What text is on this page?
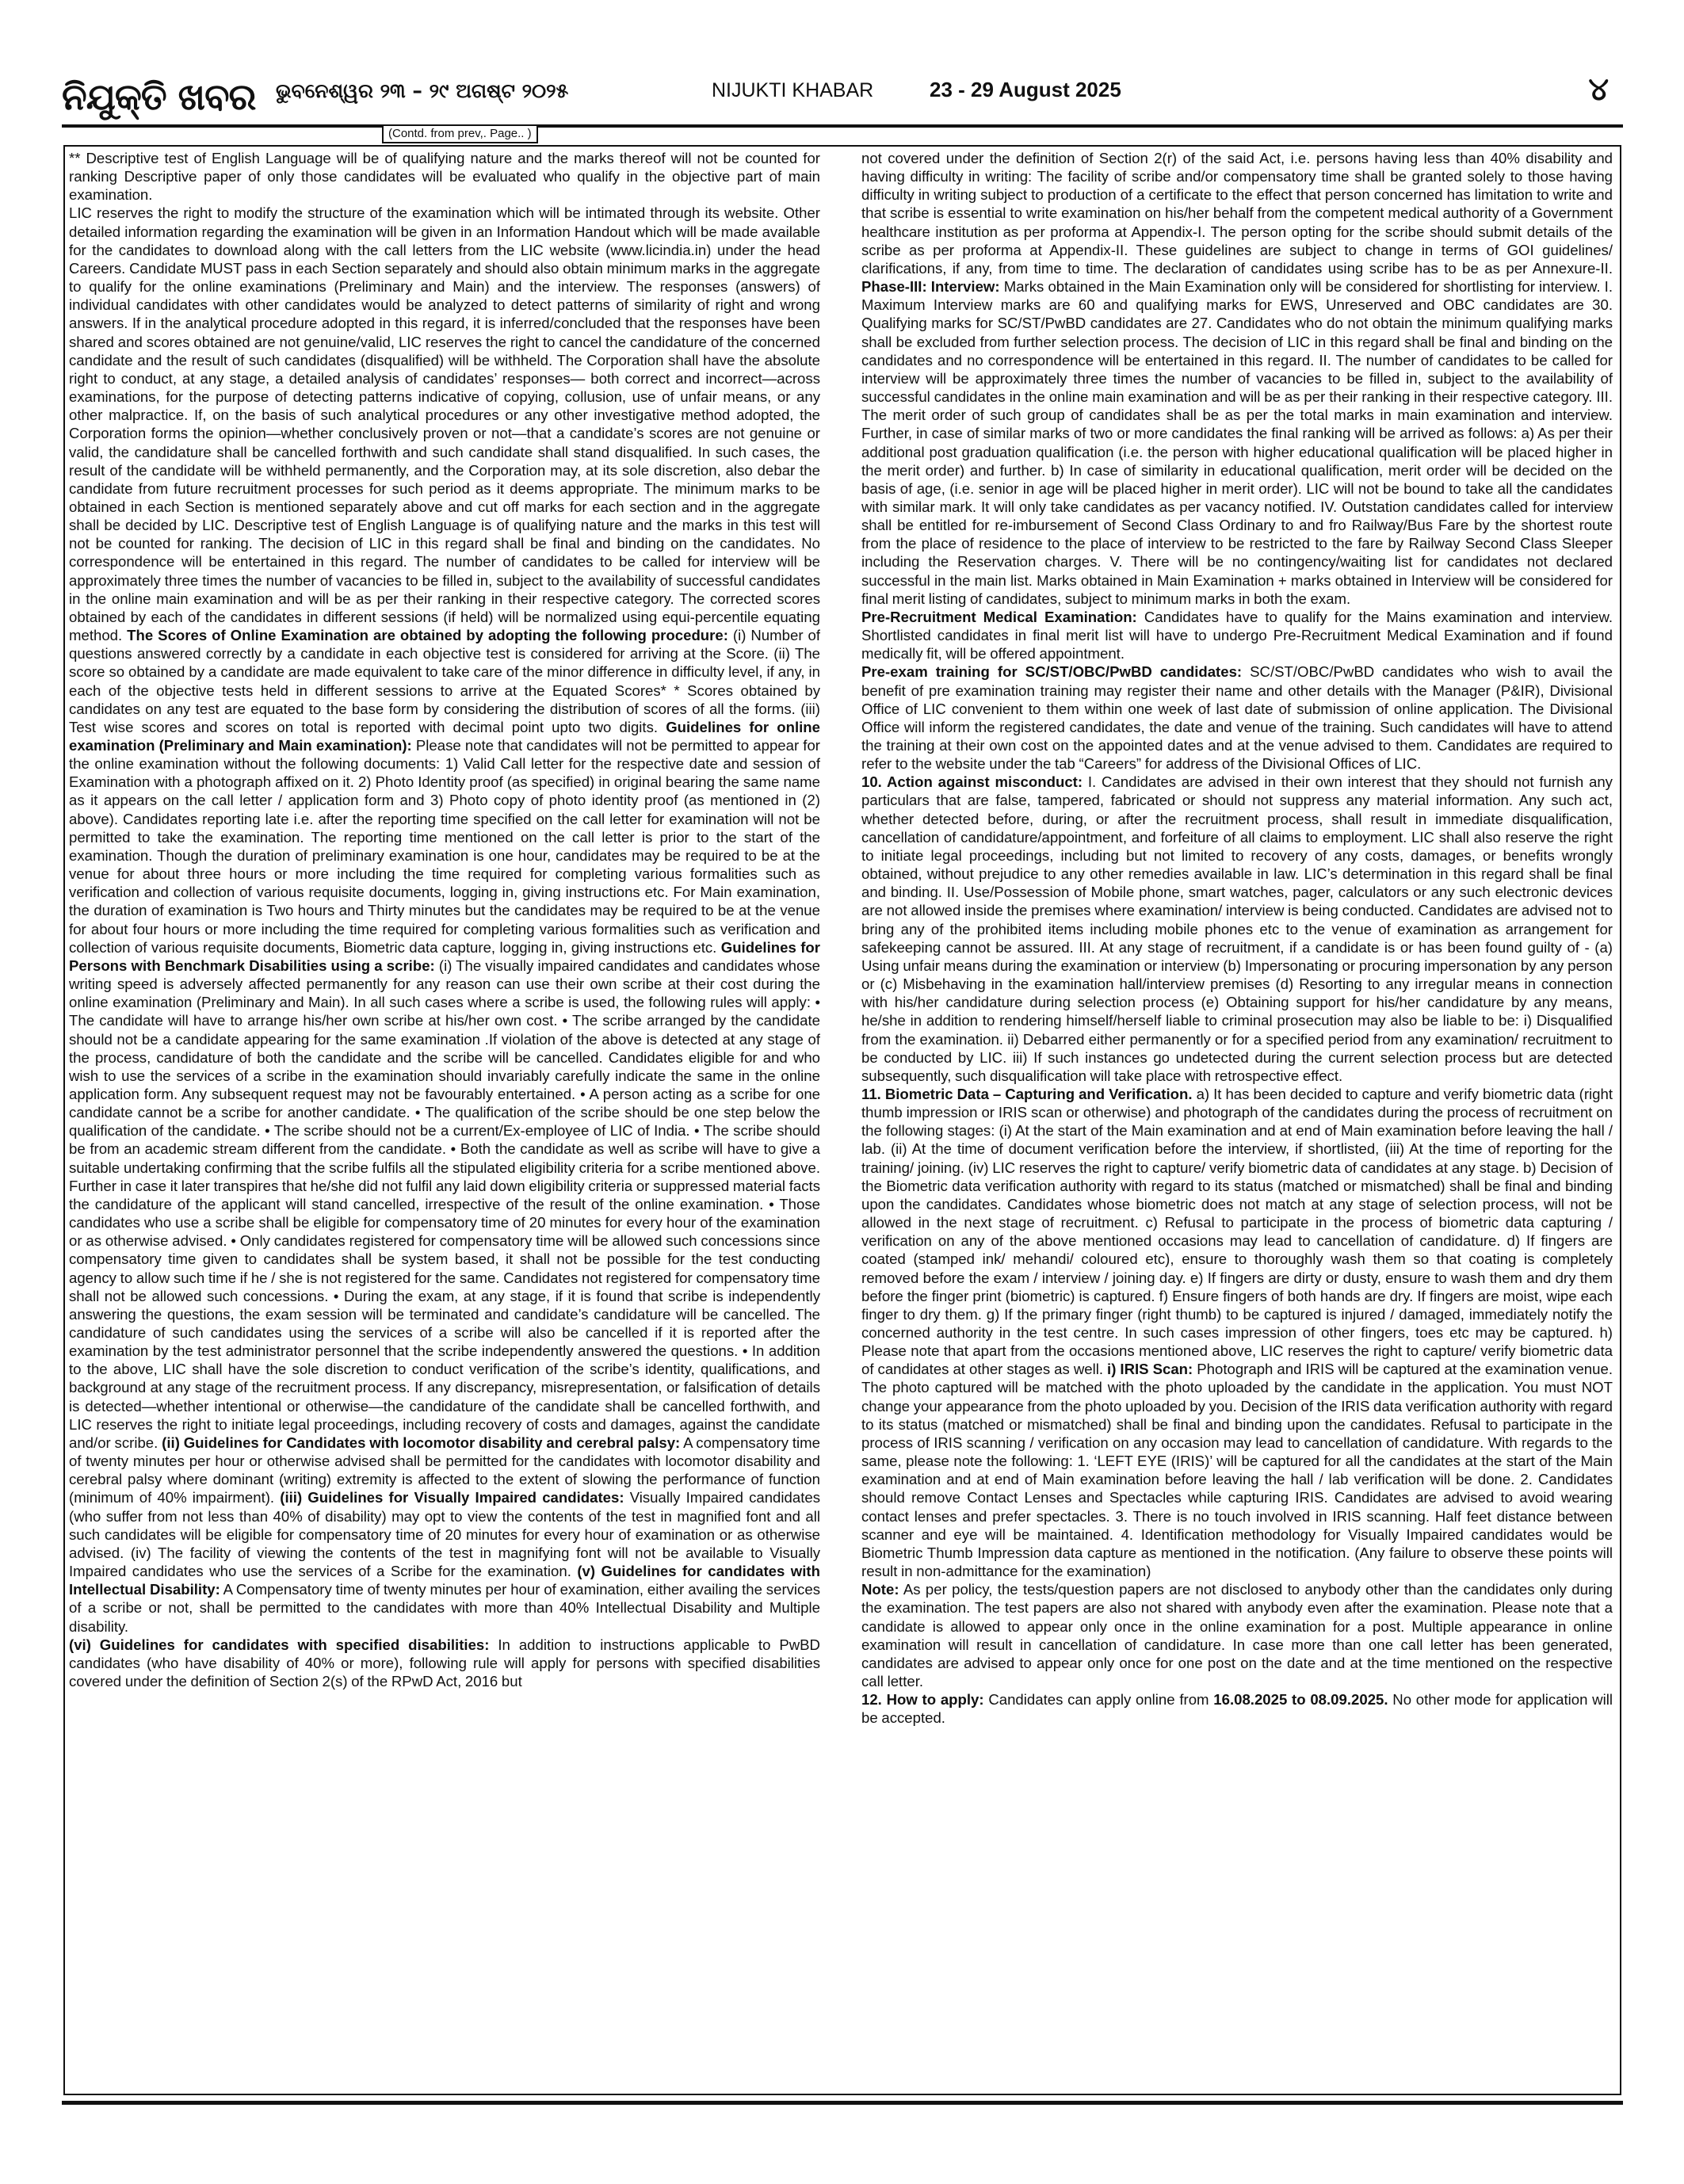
ନିଯୁକ୍ତି ଖବର ଭୁବନେଶ୍ୱର ୨୩ – ୨୯ ଅଗଷ୍ଟ ୨୦୨୫	NIJUKTI KHABAR	23 - 29 August 2025	୪
(Contd. from prev,. Page.. )

** Descriptive test of English Language will be of qualifying nature and the marks thereof will not be counted for ranking Descriptive paper of only those candidates will be evaluated who qualify in the objective part of main examination.

LIC reserves the right to modify the structure of the examination which will be intimated through its website. Other detailed information regarding the examination will be given in an Information Handout which will be made available for the candidates to download along with the call letters from the LIC website (www.licindia.in) under the head Careers. Candidate MUST pass in each Section separately and should also obtain minimum marks in the aggregate to qualify for the online examinations (Preliminary and Main) and the interview. The responses (answers) of individual candidates with other candidates would be analyzed to detect patterns of similarity of right and wrong answers. If in the analytical procedure adopted in this regard, it is inferred/concluded that the responses have been shared and scores obtained are not genuine/valid, LIC reserves the right to cancel the candidature of the concerned candidate and the result of such candidates (disqualified) will be withheld. The Corporation shall have the absolute right to conduct, at any stage, a detailed analysis of candidates’ responses— both correct and incorrect—across examinations, for the purpose of detecting patterns indicative of copying, collusion, use of unfair means, or any other malpractice. If, on the basis of such analytical procedures or any other investigative method adopted, the Corporation forms the opinion—whether conclusively proven or not—that a candidate’s scores are not genuine or valid, the candidature shall be cancelled forthwith and such candidate shall stand disqualified. In such cases, the result of the candidate will be withheld permanently, and the Corporation may, at its sole discretion, also debar the candidate from future recruitment processes for such period as it deems appropriate. The minimum marks to be obtained in each Section is mentioned separately above and cut off marks for each section and in the aggregate shall be decided by LIC. Descriptive test of English Language is of qualifying nature and the marks in this test will not be counted for ranking. The decision of LIC in this regard shall be final and binding on the candidates. No correspondence will be entertained in this regard. The number of candidates to be called for interview will be approximately three times the number of vacancies to be filled in, subject to the availability of successful candidates in the online main examination and will be as per their ranking in their respective category. The corrected scores obtained by each of the candidates in different sessions (if held) will be normalized using equi-percentile equating method. The Scores of Online Examination are obtained by adopting the following procedure: (i) Number of questions answered correctly by a candidate in each objective test is considered for arriving at the Score. (ii) The score so obtained by a candidate are made equivalent to take care of the minor difference in difficulty level, if any, in each of the objective tests held in different sessions to arrive at the Equated Scores* * Scores obtained by candidates on any test are equated to the base form by considering the distribution of scores of all the forms. (iii) Test wise scores and scores on total is reported with decimal point upto two digits. Guidelines for online examination (Preliminary and Main examination): Please note that candidates will not be permitted to appear for the online examination without the following documents: 1) Valid Call letter for the respective date and session of Examination with a photograph affixed on it. 2) Photo Identity proof (as specified) in original bearing the same name as it appears on the call letter / application form and 3) Photo copy of photo identity proof (as mentioned in (2) above). Candidates reporting late i.e. after the reporting time specified on the call letter for examination will not be permitted to take the examination. The reporting time mentioned on the call letter is prior to the start of the examination. Though the duration of preliminary examination is one hour, candidates may be required to be at the venue for about three hours or more including the time required for completing various formalities such as verification and collection of various requisite documents, logging in, giving instructions etc. For Main examination, the duration of examination is Two hours and Thirty minutes but the candidates may be required to be at the venue for about four hours or more including the time required for completing various formalities such as verification and collection of various requisite documents, Biometric data capture, logging in, giving instructions etc. Guidelines for Persons with Benchmark Disabilities using a scribe: (i) The visually impaired candidates and candidates whose writing speed is adversely affected permanently for any reason can use their own scribe at their cost during the online examination (Preliminary and Main). In all such cases where a scribe is used, the following rules will apply: • The candidate will have to arrange his/her own scribe at his/her own cost. • The scribe arranged by the candidate should not be a candidate appearing for the same examination .If violation of the above is detected at any stage of the process, candidature of both the candidate and the scribe will be cancelled. Candidates eligible for and who wish to use the services of a scribe in the examination should invariably carefully indicate the same in the online application form. Any subsequent request may not be favourably entertained. • A person acting as a scribe for one candidate cannot be a scribe for another candidate. • The qualification of the scribe should be one step below the qualification of the candidate. • The scribe should not be a current/Ex-employee of LIC of India. • The scribe should be from an academic stream different from the candidate. • Both the candidate as well as scribe will have to give a suitable undertaking confirming that the scribe fulfils all the stipulated eligibility criteria for a scribe mentioned above. Further in case it later transpires that he/she did not fulfil any laid down eligibility criteria or suppressed material facts the candidature of the applicant will stand cancelled, irrespective of the result of the online examination. • Those candidates who use a scribe shall be eligible for compensatory time of 20 minutes for every hour of the examination or as otherwise advised. • Only candidates registered for compensatory time will be allowed such concessions since compensatory time given to candidates shall be system based, it shall not be possible for the test conducting agency to allow such time if he / she is not registered for the same. Candidates not registered for compensatory time shall not be allowed such concessions. • During the exam, at any stage, if it is found that scribe is independently answering the questions, the exam session will be terminated and candidate’s candidature will be cancelled. The candidature of such candidates using the services of a scribe will also be cancelled if it is reported after the examination by the test administrator personnel that the scribe independently answered the questions. • In addition to the above, LIC shall have the sole discretion to conduct verification of the scribe’s identity, qualifications, and background at any stage of the recruitment process. If any discrepancy, misrepresentation, or falsification of details is detected—whether intentional or otherwise—the candidature of the candidate shall be cancelled forthwith, and LIC reserves the right to initiate legal proceedings, including recovery of costs and damages, against the candidate and/or scribe. (ii) Guidelines for Candidates with locomotor disability and cerebral palsy: A compensatory time of twenty minutes per hour or otherwise advised shall be permitted for the candidates with locomotor disability and cerebral palsy where dominant (writing) extremity is affected to the extent of slowing the performance of function (minimum of 40% impairment). (iii) Guidelines for Visually Impaired candidates: Visually Impaired candidates (who suffer from not less than 40% of disability) may opt to view the contents of the test in magnified font and all such candidates will be eligible for compensatory time of 20 minutes for every hour of examination or as otherwise advised. (iv) The facility of viewing the contents of the test in magnifying font will not be available to Visually Impaired candidates who use the services of a Scribe for the examination. (v) Guidelines for candidates with Intellectual Disability: A Compensatory time of twenty minutes per hour of examination, either availing the services of a scribe or not, shall be permitted to the candidates with more than 40% Intellectual Disability and Multiple disability.

(vi) Guidelines for candidates with specified disabilities: In addition to instructions applicable to PwBD candidates (who have disability of 40% or more), following rule will apply for persons with specified disabilities covered under the definition of Section 2(s) of the RPwD Act, 2016 but

not covered under the definition of Section 2(r) of the said Act, i.e. persons having less than 40% disability and having difficulty in writing: The facility of scribe and/or compensatory time shall be granted solely to those having difficulty in writing subject to production of a certificate to the effect that person concerned has limitation to write and that scribe is essential to write examination on his/her behalf from the competent medical authority of a Government healthcare institution as per proforma at Appendix-I. The person opting for the scribe should submit details of the scribe as per proforma at Appendix-II. These guidelines are subject to change in terms of GOI guidelines/ clarifications, if any, from time to time. The declaration of candidates using scribe has to be as per Annexure-II. Phase-III: Interview: Marks obtained in the Main Examination only will be considered for shortlisting for interview. I. Maximum Interview marks are 60 and qualifying marks for EWS, Unreserved and OBC candidates are 30. Qualifying marks for SC/ST/PwBD candidates are 27. Candidates who do not obtain the minimum qualifying marks shall be excluded from further selection process. The decision of LIC in this regard shall be final and binding on the candidates and no correspondence will be entertained in this regard. II. The number of candidates to be called for interview will be approximately three times the number of vacancies to be filled in, subject to the availability of successful candidates in the online main examination and will be as per their ranking in their respective category. III. The merit order of such group of candidates shall be as per the total marks in main examination and interview. Further, in case of similar marks of two or more candidates the final ranking will be arrived as follows: a) As per their additional post graduation qualification (i.e. the person with higher educational qualification will be placed higher in the merit order) and further. b) In case of similarity in educational qualification, merit order will be decided on the basis of age, (i.e. senior in age will be placed higher in merit order). LIC will not be bound to take all the candidates with similar mark. It will only take candidates as per vacancy notified. IV. Outstation candidates called for interview shall be entitled for re-imbursement of Second Class Ordinary to and fro Railway/Bus Fare by the shortest route from the place of residence to the place of interview to be restricted to the fare by Railway Second Class Sleeper including the Reservation charges. V. There will be no contingency/waiting list for candidates not declared successful in the main list. Marks obtained in Main Examination + marks obtained in Interview will be considered for final merit listing of candidates, subject to minimum marks in both the exam.

Pre-Recruitment Medical Examination: Candidates have to qualify for the Mains examination and interview. Shortlisted candidates in final merit list will have to undergo Pre-Recruitment Medical Examination and if found medically fit, will be offered appointment.

Pre-exam training for SC/ST/OBC/PwBD candidates: SC/ST/OBC/PwBD candidates who wish to avail the benefit of pre examination training may register their name and other details with the Manager (P&IR), Divisional Office of LIC convenient to them within one week of last date of submission of online application. The Divisional Office will inform the registered candidates, the date and venue of the training. Such candidates will have to attend the training at their own cost on the appointed dates and at the venue advised to them. Candidates are required to refer to the website under the tab “Careers” for address of the Divisional Offices of LIC.

10. Action against misconduct: I. Candidates are advised in their own interest that they should not furnish any particulars that are false, tampered, fabricated or should not suppress any material information. Any such act, whether detected before, during, or after the recruitment process, shall result in immediate disqualification, cancellation of candidature/appointment, and forfeiture of all claims to employment. LIC shall also reserve the right to initiate legal proceedings, including but not limited to recovery of any costs, damages, or benefits wrongly obtained, without prejudice to any other remedies available in law. LIC’s determination in this regard shall be final and binding. II. Use/Possession of Mobile phone, smart watches, pager, calculators or any such electronic devices are not allowed inside the premises where examination/ interview is being conducted. Candidates are advised not to bring any of the prohibited items including mobile phones etc to the venue of examination as arrangement for safekeeping cannot be assured. III. At any stage of recruitment, if a candidate is or has been found guilty of - (a) Using unfair means during the examination or interview (b) Impersonating or procuring impersonation by any person or (c) Misbehaving in the examination hall/interview premises (d) Resorting to any irregular means in connection with his/her candidature during selection process (e) Obtaining support for his/her candidature by any means, he/she in addition to rendering himself/herself liable to criminal prosecution may also be liable to be: i) Disqualified from the examination. ii) Debarred either permanently or for a specified period from any examination/ recruitment to be conducted by LIC. iii) If such instances go undetected during the current selection process but are detected subsequently, such disqualification will take place with retrospective effect.

11. Biometric Data – Capturing and Verification. a) It has been decided to capture and verify biometric data (right thumb impression or IRIS scan or otherwise) and photograph of the candidates during the process of recruitment on the following stages: (i) At the start of the Main examination and at end of Main examination before leaving the hall / lab. (ii) At the time of document verification before the interview, if shortlisted, (iii) At the time of reporting for the training/ joining. (iv) LIC reserves the right to capture/ verify biometric data of candidates at any stage. b) Decision of the Biometric data verification authority with regard to its status (matched or mismatched) shall be final and binding upon the candidates. Candidates whose biometric does not match at any stage of selection process, will not be allowed in the next stage of recruitment. c) Refusal to participate in the process of biometric data capturing / verification on any of the above mentioned occasions may lead to cancellation of candidature. d) If fingers are coated (stamped ink/ mehandi/ coloured etc), ensure to thoroughly wash them so that coating is completely removed before the exam / interview / joining day. e) If fingers are dirty or dusty, ensure to wash them and dry them before the finger print (biometric) is captured. f) Ensure fingers of both hands are dry. If fingers are moist, wipe each finger to dry them. g) If the primary finger (right thumb) to be captured is injured / damaged, immediately notify the concerned authority in the test centre. In such cases impression of other fingers, toes etc may be captured. h) Please note that apart from the occasions mentioned above, LIC reserves the right to capture/ verify biometric data of candidates at other stages as well. i) IRIS Scan: Photograph and IRIS will be captured at the examination venue. The photo captured will be matched with the photo uploaded by the candidate in the application. You must NOT change your appearance from the photo uploaded by you. Decision of the IRIS data verification authority with regard to its status (matched or mismatched) shall be final and binding upon the candidates. Refusal to participate in the process of IRIS scanning / verification on any occasion may lead to cancellation of candidature. With regards to the same, please note the following: 1. ‘LEFT EYE (IRIS)’ will be captured for all the candidates at the start of the Main examination and at end of Main examination before leaving the hall / lab verification will be done. 2. Candidates should remove Contact Lenses and Spectacles while capturing IRIS. Candidates are advised to avoid wearing contact lenses and prefer spectacles. 3. There is no touch involved in IRIS scanning. Half feet distance between scanner and eye will be maintained. 4. Identification methodology for Visually Impaired candidates would be Biometric Thumb Impression data capture as mentioned in the notification. (Any failure to observe these points will result in non-admittance for the examination)

Note: As per policy, the tests/question papers are not disclosed to anybody other than the candidates only during the examination. The test papers are also not shared with anybody even after the examination. Please note that a candidate is allowed to appear only once in the online examination for a post. Multiple appearance in online examination will result in cancellation of candidature. In case more than one call letter has been generated, candidates are advised to appear only once for one post on the date and at the time mentioned on the respective call letter.

12. How to apply: Candidates can apply online from 16.08.2025 to 08.09.2025. No other mode for application will be accepted.
